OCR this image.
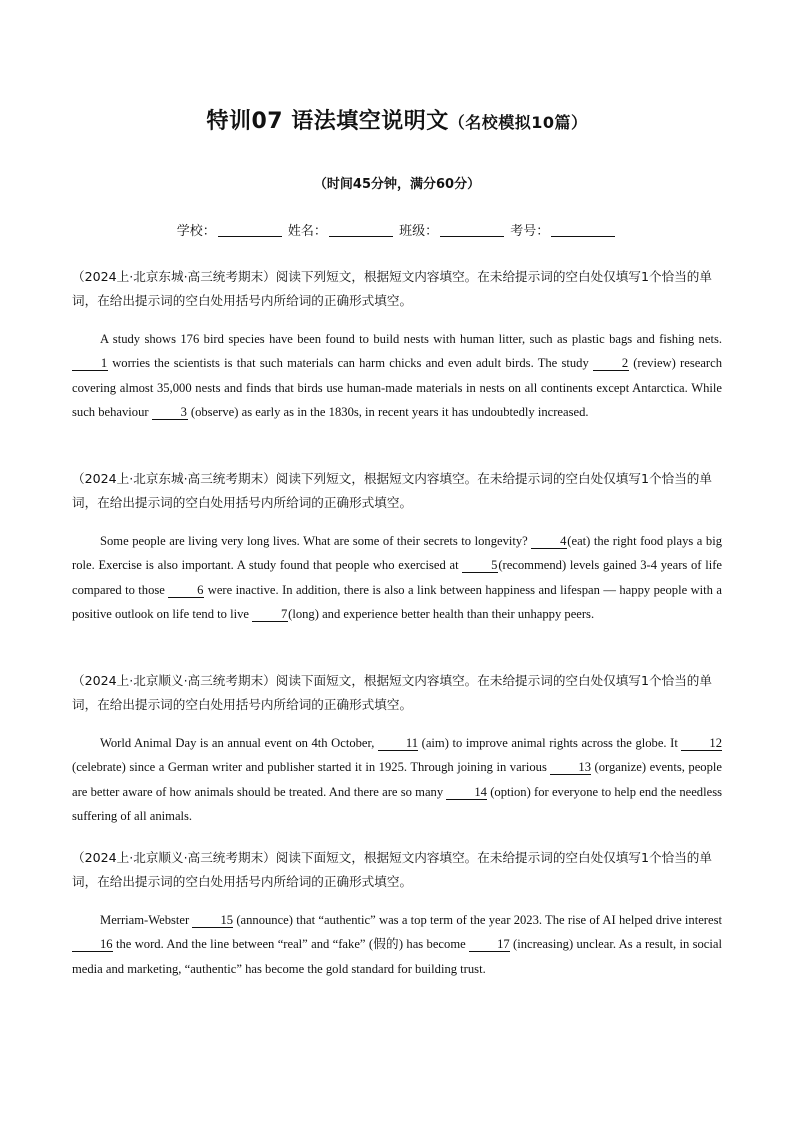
特训07 语法填空说明文（名校模拟10篇）
（时间45分钟，满分60分）
学校：	姓名：	班级：	考号：

（2024上·北京东城·高三统考期末）阅读下列短文，根据短文内容填空。在未给提示词的空白处仅填写1个恰当的单词，在给出提示词的空白处用括号内所给词的正确形式填空。

A study shows 176 bird species have been found to build nests with human litter, such as plastic bags and fishing nets. 1 worries the scientists is that such materials can harm chicks and even adult birds. The study 2 (review) research covering almost 35,000 nests and finds that birds use human-made materials in nests on all continents except Antarctica. While such behaviour 3 (observe) as early as in the 1830s, in recent years it has undoubtedly increased.

（2024上·北京东城·高三统考期末）阅读下列短文，根据短文内容填空。在未给提示词的空白处仅填写1个恰当的单词，在给出提示词的空白处用括号内所给词的正确形式填空。

Some people are living very long lives. What are some of their secrets to longevity? 4(eat) the right food plays a big role. Exercise is also important. A study found that people who exercised at 5(recommend) levels gained 3-4 years of life compared to those 6 were inactive. In addition, there is also a link between happiness and lifespan — happy people with a positive outlook on life tend to live 7(long) and experience better health than their unhappy peers.

（2024上·北京顺义·高三统考期末）阅读下面短文，根据短文内容填空。在未给提示词的空白处仅填写1个恰当的单词，在给出提示词的空白处用括号内所给词的正确形式填空。

World Animal Day is an annual event on 4th October, 11 (aim) to improve animal rights across the globe. It 12 (celebrate) since a German writer and publisher started it in 1925. Through joining in various 13 (organize) events, people are better aware of how animals should be treated. And there are so many 14 (option) for everyone to help end the needless suffering of all animals.

（2024上·北京顺义·高三统考期末）阅读下面短文，根据短文内容填空。在未给提示词的空白处仅填写1个恰当的单词，在给出提示词的空白处用括号内所给词的正确形式填空。

Merriam-Webster 15 (announce) that “authentic” was a top term of the year 2023. The rise of AI helped drive interest 16 the word. And the line between “real” and “fake” (假的) has become 17 (increasing) unclear. As a result, in social media and marketing, “authentic” has become the gold standard for building trust.
